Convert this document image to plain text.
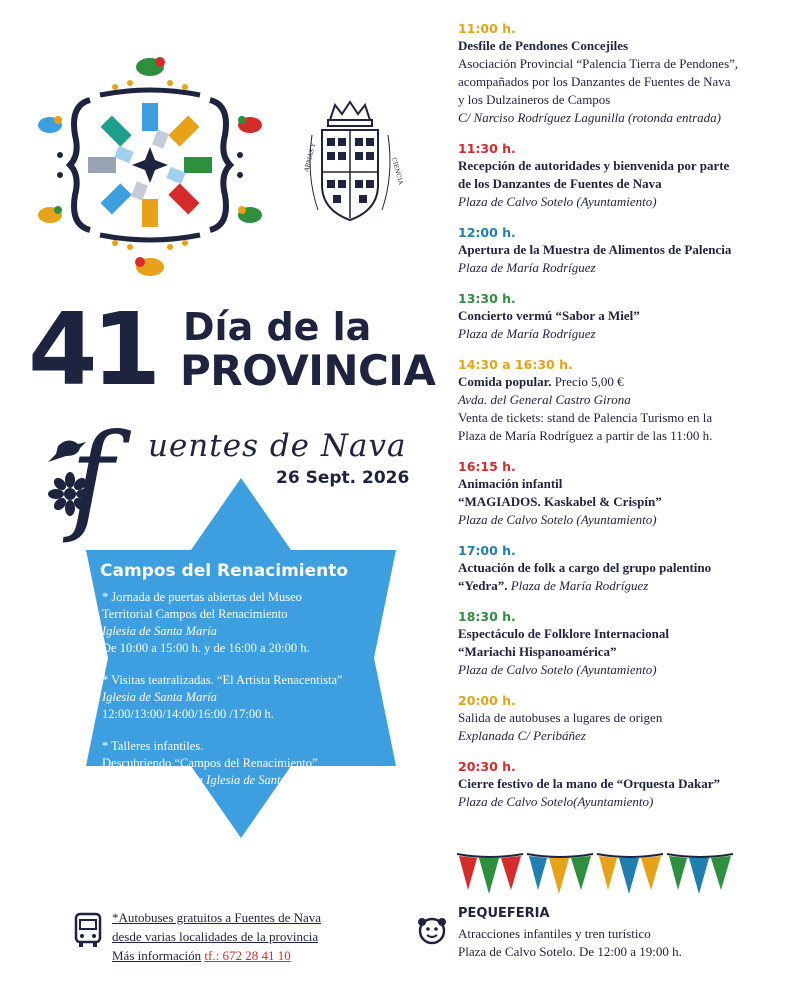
ARMAS Y	CIENCIA
41 Día de la
PROVINCIA
f uentes de Nava
26 Sept. 2026
Campos del Renacimiento
* Jornada de puertas abiertas del Museo
Territorial Campos del Renacimiento
Iglesia de Santa María
De 10:00 a 15:00 h. y de 16:00 a 20:00 h.
* Visitas teatralizadas. “El Artista Renacentista”
Iglesia de Santa María
12:00/13:00/14:00/16:00 /17:00 h.
* Talleres infantiles.
Descubriendo “Campos del Renacimiento”
C/ Mayor, junto a la Iglesia de Santa María
De 11:00 a 14:30 h.
11:00 h.
Desfile de Pendones Concejiles
Asociación Provincial “Palencia Tierra de Pendones”,
acompañados por los Danzantes de Fuentes de Nava
y los Dulzaineros de Campos
C/ Narciso Rodríguez Lagunilla (rotonda entrada)
11:30 h.
Recepción de autoridades y bienvenida por parte
de los Danzantes de Fuentes de Nava
Plaza de Calvo Sotelo (Ayuntamiento)
12:00 h.
Apertura de la Muestra de Alimentos de Palencia
Plaza de María Rodríguez
13:30 h.
Concierto vermú “Sabor a Miel”
Plaza de María Rodríguez
14:30 a 16:30 h.
Comida popular. Precio 5,00 €
Avda. del General Castro Girona
Venta de tickets: stand de Palencia Turismo en la
Plaza de María Rodríguez a partir de las 11:00 h.
16:15 h.
Animación infantil
“MAGIADOS. Kaskabel & Crispín”
Plaza de Calvo Sotelo (Ayuntamiento)
17:00 h.
Actuación de folk a cargo del grupo palentino
“Yedra”. Plaza de María Rodríguez
18:30 h.
Espectáculo de Folklore Internacional
“Mariachi Hispanoamérica”
Plaza de Calvo Sotelo (Ayuntamiento)
20:00 h.
Salida de autobuses a lugares de origen
Explanada C/ Peribáñez
20:30 h.
Cierre festivo de la mano de “Orquesta Dakar”
Plaza de Calvo Sotelo(Ayuntamiento)
*Autobuses gratuitos a Fuentes de Nava
desde varias localidades de la provincia
Más información tf.: 672 28 41 10
PEQUEFERIA
Atracciones infantiles y tren turístico
Plaza de Calvo Sotelo. De 12:00 a 19:00 h.
